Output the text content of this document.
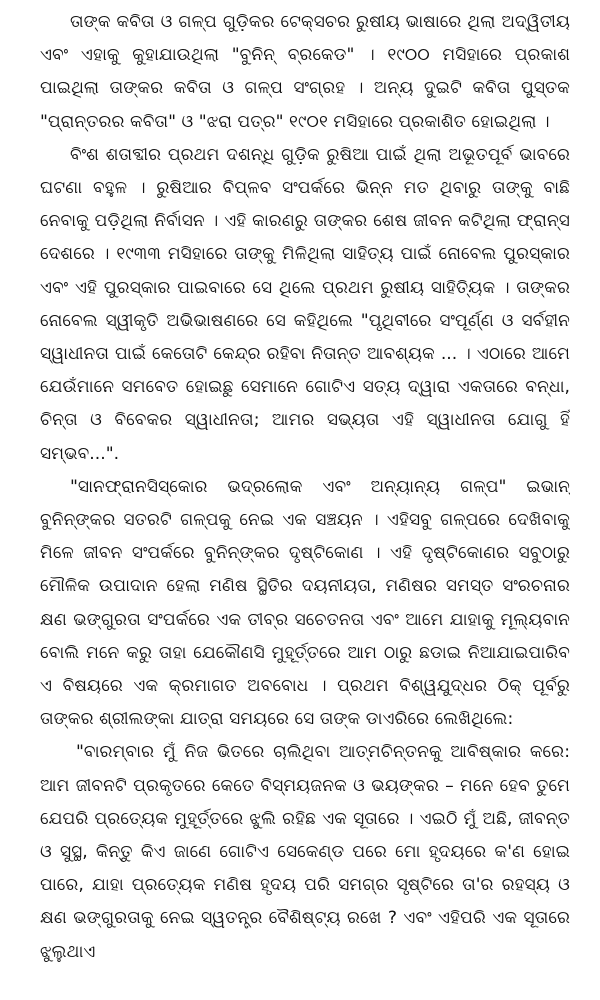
ତାଙ୍କ କବିତା ଓ ଗଳ୍ପ ଗୁଡ଼ିକର ଟେକ୍ସଚର ରୁଷୀୟ ଭାଷାରେ ଥିଲା ଅଦ୍ୱିତୀୟ ଏବଂ ଏହାକୁ କୁହାଯାଉଥିଲା "ବୁନିନ୍ ବ୍ରକେଡ" । ୧୯୦୦ ମସିହାରେ ପ୍ରକାଶ ପାଇଥିଲା ତାଙ୍କର କବିତା ଓ ଗଳ୍ପ ସଂଗ୍ରହ । ଅନ୍ୟ ଦୁଇଟି କବିତା ପୁସ୍ତକ "ପ୍ରାନ୍ତରର କବିତା" ଓ "ଝରା ପତ୍ର" ୧୯୦୧ ମସିହାରେ ପ୍ରକାଶିତ ହୋଇଥିଲା ।

ବିଂଶ ଶତାବ୍ଦୀର ପ୍ରଥମ ଦଶନ୍ଧି ଗୁଡ଼ିକ ରୁଷିଆ ପାଇଁ ଥିଲା ଅଭୂତପୂର୍ବ ଭାବରେ ଘଟଣା ବହୁଳ । ରୁଷିଆର ବିପ୍ଳବ ସଂପର୍କରେ ଭିନ୍ନ ମତ ଥିବାରୁ ତାଙ୍କୁ ବାଛି ନେବାକୁ ପଡ଼ିଥିଲା ନିର୍ବାସନ । ଏହି କାରଣରୁ ତାଙ୍କର ଶେଷ ଜୀବନ କଟିଥିଲା ଫ୍ରାନ୍ସ ଦେଶରେ । ୧୯୩୩ ମସିହାରେ ତାଙ୍କୁ ମିଳିଥିଲା ସାହିତ୍ୟ ପାଇଁ ନୋବେଲ ପୁରସ୍କାର ଏବଂ ଏହି ପୁରସ୍କାର ପାଇବାରେ ସେ ଥିଲେ ପ୍ରଥମ ରୁଷୀୟ ସାହିତ୍ୟିକ । ତାଙ୍କର ନୋବେଲ ସ୍ୱୀକୃତି ଅଭିଭାଷଣରେ ସେ କହିଥିଲେ "ପୃଥିବୀରେ ସଂପୂର୍ଣ୍ଣ ଓ ସର୍ବହୀନ ସ୍ୱାଧୀନତା ପାଇଁ କେତୋଟି କେନ୍ଦ୍ର ରହିବା ନିତାନ୍ତ ଆବଶ୍ୟକ ... । ଏଠାରେ ଆମେ ଯେଉଁମାନେ ସମବେତ ହୋଇଛୁ ସେମାନେ ଗୋଟିଏ ସତ୍ୟ ଦ୍ୱାରା ଏକତାରେ ବନ୍ଧା, ଚିନ୍ତା ଓ ବିବେକର ସ୍ୱାଧୀନତା; ଆମର ସଭ୍ୟତା ଏହି ସ୍ୱାଧୀନତା ଯୋଗୁ ହିଁ ସମ୍ଭବ...".

"ସାନଫ୍ରାନସିସ୍କୋର ଭଦ୍ରଲୋକ ଏବଂ ଅନ୍ୟାନ୍ୟ ଗଳ୍ପ" ଇଭାନ୍ ବୁନିନ୍ଙ୍କର ସତରଟି ଗଳ୍ପକୁ ନେଇ ଏକ ସଞ୍ଚୟନ । ଏହିସବୁ ଗଳ୍ପରେ ଦେଖିବାକୁ ମିଳେ ଜୀବନ ସଂପର୍କରେ ବୁନିନ୍ଙ୍କର ଦୃଷ୍ଟିକୋଣ । ଏହି ଦୃଷ୍ଟିକୋଣର ସବୁଠାରୁ ମୌଳିକ ଉପାଦାନ ହେଲା ମଣିଷ ସ୍ଥିତିର ଦୟନୀୟତା, ମଣିଷର ସମସ୍ତ ସଂରଚନାର କ୍ଷଣ ଭଙ୍ଗୁରତା ସଂପର୍କରେ ଏକ ତୀବ୍ର ସଚେତନତା ଏବଂ ଆମେ ଯାହାକୁ ମୂଲ୍ୟବାନ ବୋଲି ମନେ କରୁ ତାହା ଯେକୌଣସି ମୁହୂର୍ତ୍ତରେ ଆମ ଠାରୁ ଛଡାଇ ନିଆଯାଇପାରିବ ଏ ବିଷୟରେ ଏକ କ୍ରମାଗତ ଅବବୋଧ । ପ୍ରଥମ ବିଶ୍ୱଯୁଦ୍ଧର ଠିକ୍ ପୂର୍ବରୁ ତାଙ୍କର ଶ୍ରୀଲଙ୍କା ଯାତ୍ରା ସମୟରେ ସେ ତାଙ୍କ ଡାଏରିରେ ଲେଖିଥିଲେ:

"ବାରମ୍ବାର ମୁଁ ନିଜ ଭିତରେ ଚାଲିଥିବା ଆତ୍ମଚିନ୍ତନକୁ ଆବିଷ୍କାର କରେ: ଆମ ଜୀବନଟି ପ୍ରକୃତରେ କେତେ ବିସ୍ମୟଜନକ ଓ ଭୟଙ୍କର – ମନେ ହେବ ତୁମେ ଯେପରି ପ୍ରତ୍ୟେକ ମୁହୂର୍ତ୍ତରେ ଝୁଲି ରହିଛ ଏକ ସୂତାରେ । ଏଇଠି ମୁଁ ଅଛି, ଜୀବନ୍ତ ଓ ସୁସ୍ଥ, କିନ୍ତୁ କିଏ ଜାଣେ ଗୋଟିଏ ସେକେଣ୍ଡ ପରେ ମୋ ହୃଦୟରେ କ'ଣ ହୋଇ ପାରେ, ଯାହା ପ୍ରତ୍ୟେକ ମଣିଷ ହୃଦୟ ପରି ସମଗ୍ର ସୃଷ୍ଟିରେ ତା'ର ରହସ୍ୟ ଓ କ୍ଷଣ ଭଙ୍ଗୁରତାକୁ ନେଇ ସ୍ୱତନ୍ତ୍ର ବୈଶିଷ୍ଟ୍ୟ ରଖେ ? ଏବଂ ଏହିପରି ଏକ ସୂତାରେ ଝୁଲୁଥାଏ
